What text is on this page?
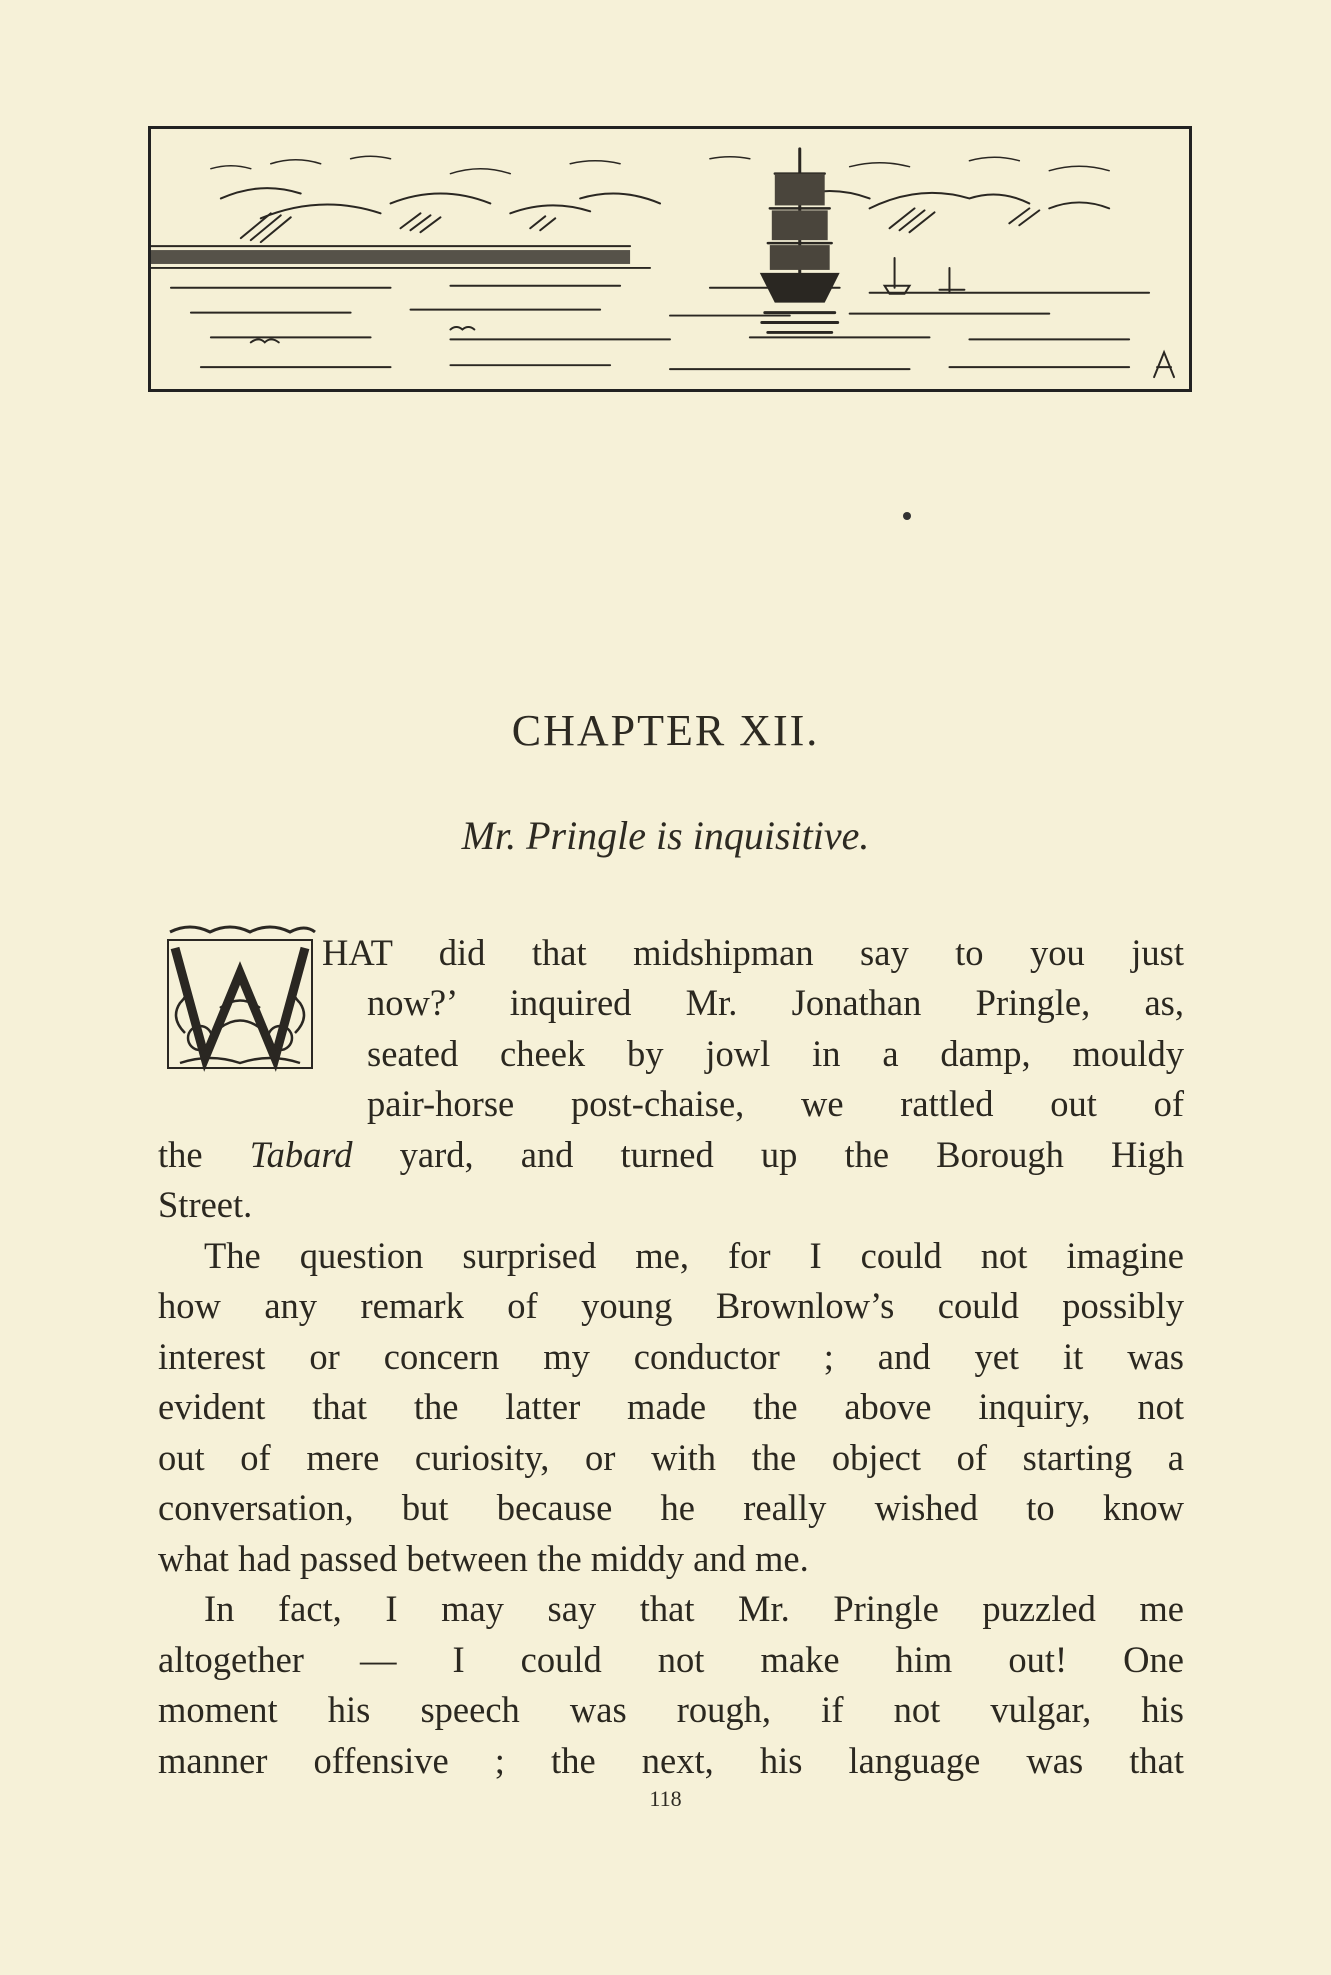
CHAPTER XII.
Mr. Pringle is inquisitive.
HAT did that midshipman say to you just
now?’ inquired Mr. Jonathan Pringle, as,
seated cheek by jowl in a damp, mouldy
pair-horse post-chaise, we rattled out of
the Tabard yard, and turned up the Borough High
Street.
The question surprised me, for I could not imagine
how any remark of young Brownlow’s could possibly
interest or concern my conductor ; and yet it was
evident that the latter made the above inquiry, not
out of mere curiosity, or with the object of starting a
conversation, but because he really wished to know
what had passed between the middy and me.
In fact, I may say that Mr. Pringle puzzled me
altogether — I could not make him out! One
moment his speech was rough, if not vulgar, his
manner offensive ; the next, his language was that
118
